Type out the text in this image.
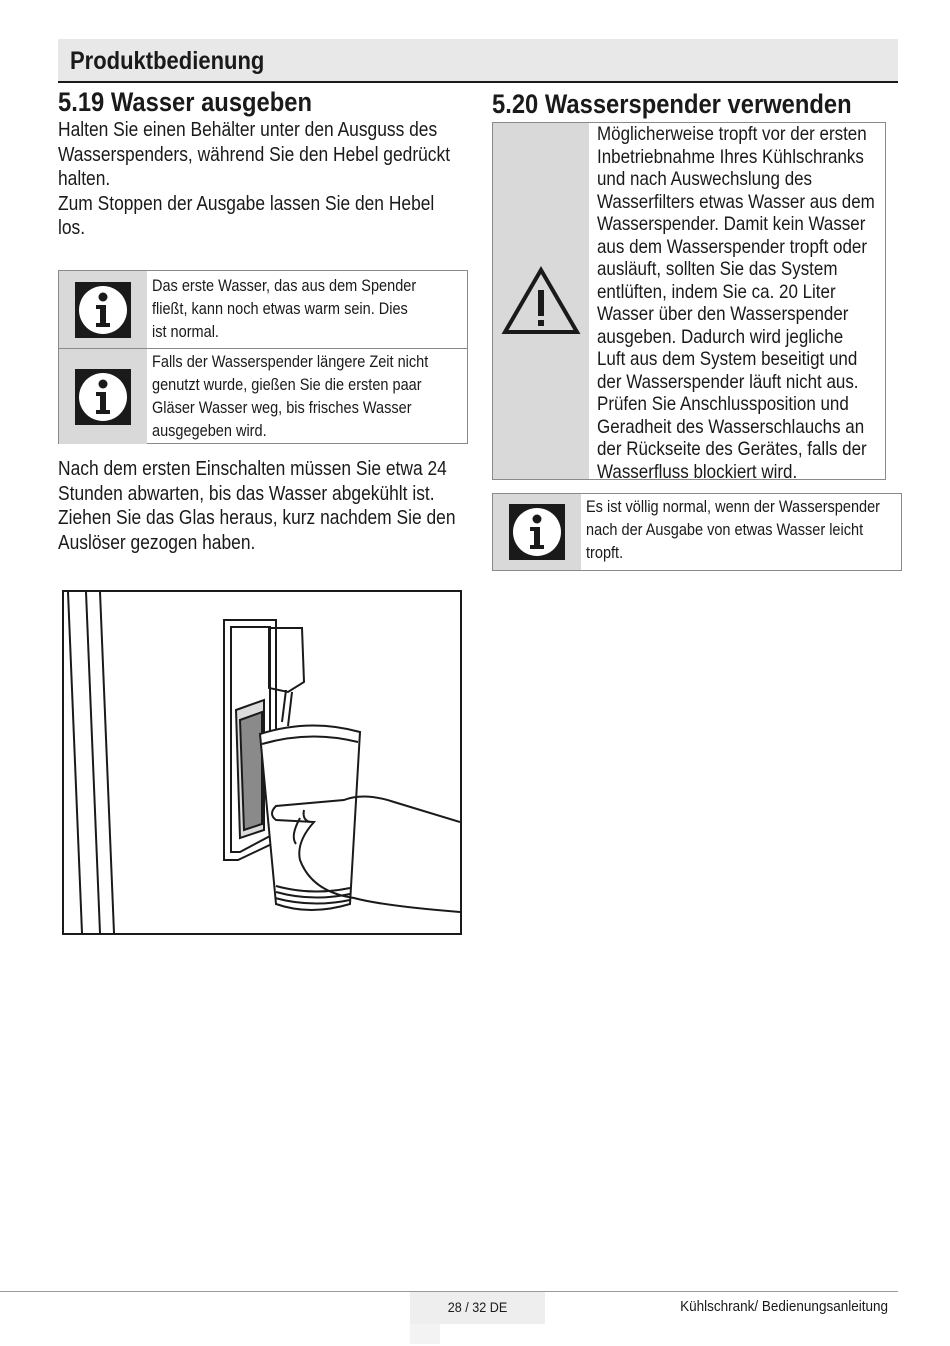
Produktbedienung
5.19 Wasser ausgeben
Halten Sie einen Behälter unter den Ausguss des
Wasserspenders, während Sie den Hebel gedrückt
halten.
Zum Stoppen der Ausgabe lassen Sie den Hebel
los.
Das erste Wasser, das aus dem Spender
fließt, kann noch etwas warm sein. Dies
ist normal.
Falls der Wasserspender längere Zeit nicht
genutzt wurde, gießen Sie die ersten paar
Gläser Wasser weg, bis frisches Wasser
ausgegeben wird.
Nach dem ersten Einschalten müssen Sie etwa 24
Stunden abwarten, bis das Wasser abgekühlt ist.
Ziehen Sie das Glas heraus, kurz nachdem Sie den
Auslöser gezogen haben.
5.20 Wasserspender verwenden
Möglicherweise tropft vor der ersten
Inbetriebnahme Ihres Kühlschranks
und nach Auswechslung des
Wasserfilters etwas Wasser aus dem
Wasserspender. Damit kein Wasser
aus dem Wasserspender tropft oder
ausläuft, sollten Sie das System
entlüften, indem Sie ca. 20 Liter
Wasser über den Wasserspender
ausgeben. Dadurch wird jegliche
Luft aus dem System beseitigt und
der Wasserspender läuft nicht aus.
Prüfen Sie Anschlussposition und
Geradheit des Wasserschlauchs an
der Rückseite des Gerätes, falls der
Wasserfluss blockiert wird.
Es ist völlig normal, wenn der Wasserspender
nach der Ausgabe von etwas Wasser leicht
tropft.
28 / 32 DE	Kühlschrank/ Bedienungsanleitung
